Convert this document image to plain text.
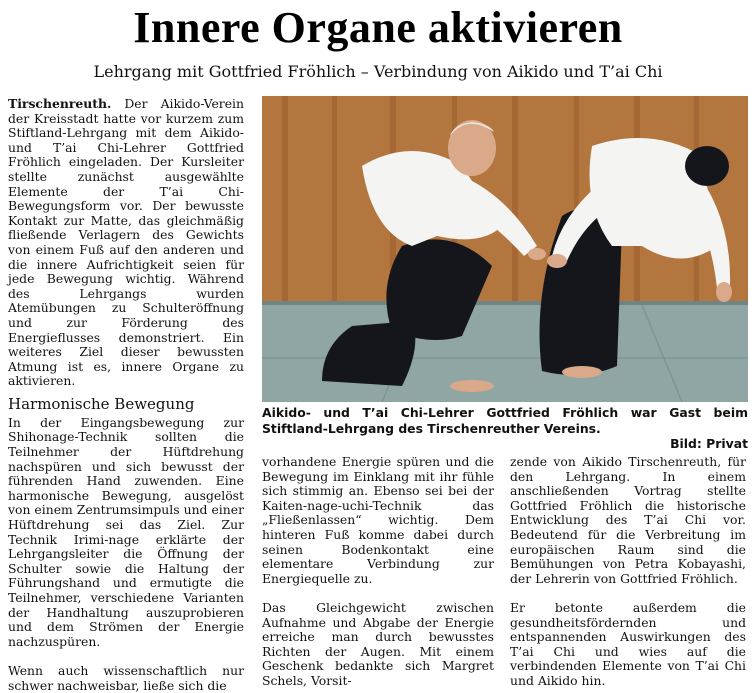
Innere Organe aktivieren
Lehrgang mit Gottfried Fröhlich – Verbindung von Aikido und T’ai Chi

Tirschenreuth. Der Aikido-Verein der Kreisstadt hatte vor kurzem zum Stiftland-Lehrgang mit dem Aikido- und T’ai Chi-Lehrer Gottfried Fröhlich eingeladen. Der Kursleiter stellte zunächst ausgewählte Elemente der T’ai Chi-Bewegungsform vor. Der bewusste Kontakt zur Matte, das gleichmäßig fließende Verlagern des Gewichts von einem Fuß auf den anderen und die innere Aufrichtigkeit seien für jede Bewegung wichtig. Während des Lehrgangs wurden Atemübungen zu Schulteröffnung und zur Förderung des Energieflusses demonstriert. Ein weiteres Ziel dieser bewussten Atmung ist es, innere Organe zu aktivieren.

Harmonische Bewegung

In der Eingangsbewegung zur Shihonage-Technik sollten die Teilnehmer der Hüftdrehung nachspüren und sich bewusst der führenden Hand zuwenden. Eine harmonische Bewegung, ausgelöst von einem Zentrumsimpuls und einer Hüftdrehung sei das Ziel. Zur Technik Irimi-nage erklärte der Lehrgangsleiter die Öffnung der Schulter sowie die Haltung der Führungshand und ermutigte die Teilnehmer, verschiedene Varianten der Handhaltung auszuprobieren und dem Strömen der Energie nachzuspüren.

Wenn auch wissenschaftlich nur schwer nachweisbar, ließe sich die

Aikido- und T’ai Chi-Lehrer Gottfried Fröhlich war Gast beim Stiftland-Lehrgang des Tirschenreuther Vereins.
Bild: Privat

vorhandene Energie spüren und die Bewegung im Einklang mit ihr fühle sich stimmig an. Ebenso sei bei der Kaiten-nage-uchi-Technik das „Fließenlassen“ wichtig. Dem hinteren Fuß komme dabei durch seinen Bodenkontakt eine elementare Verbindung zur Energiequelle zu.

Das Gleichgewicht zwischen Aufnahme und Abgabe der Energie erreiche man durch bewusstes Richten der Augen. Mit einem Geschenk bedankte sich Margret Schels, Vorsit-

zende von Aikido Tirschenreuth, für den Lehrgang. In einem anschließenden Vortrag stellte Gottfried Fröhlich die historische Entwicklung des T’ai Chi vor. Bedeutend für die Verbreitung im europäischen Raum sind die Bemühungen von Petra Kobayashi, der Lehrerin von Gottfried Fröhlich.

Er betonte außerdem die gesundheitsfördernden und entspannenden Auswirkungen des T’ai Chi und wies auf die verbindenden Elemente von T’ai Chi und Aikido hin.
